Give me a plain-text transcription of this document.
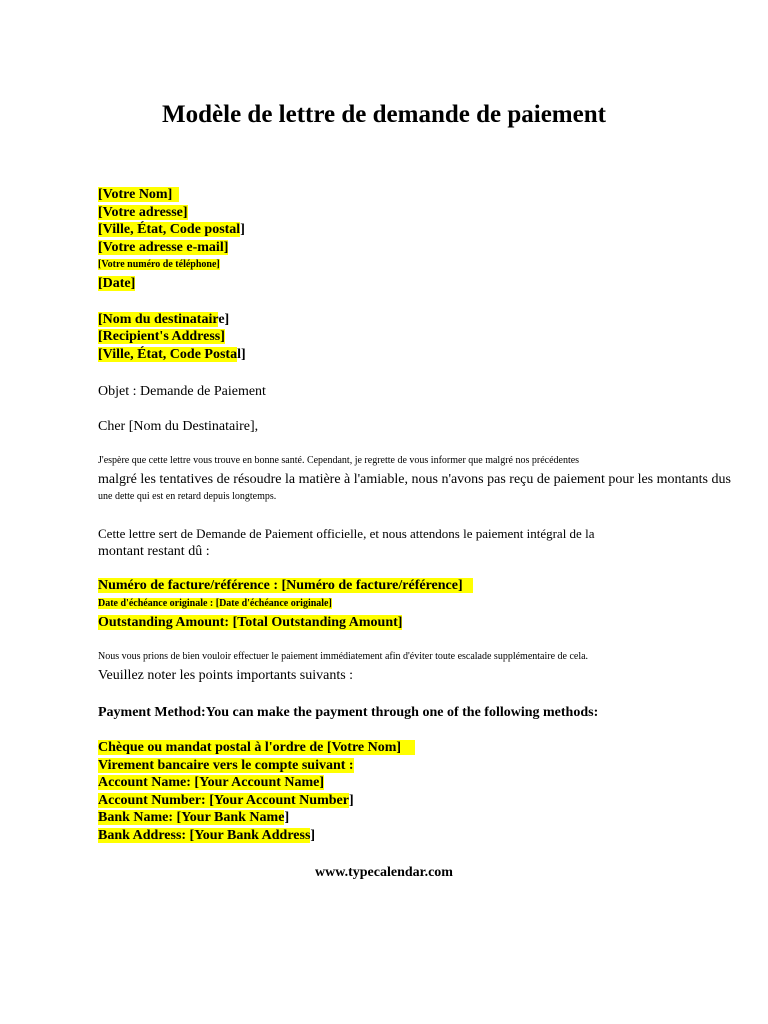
Modèle de lettre de demande de paiement
[Votre Nom]
[Votre adresse]
[Ville, État, Code postal]
[Votre adresse e-mail]
[Votre numéro de téléphone]
[Date]
[Nom du destinataire]
[Recipient's Address]
[Ville, État, Code Postal]
Objet : Demande de Paiement
Cher [Nom du Destinataire],
J'espère que cette lettre vous trouve en bonne santé. Cependant, je regrette de vous informer que malgré nos précédentes
malgré les tentatives de résoudre la matière à l'amiable, nous n'avons pas reçu de paiement pour les montants dus
une dette qui est en retard depuis longtemps.
Cette lettre sert de Demande de Paiement officielle, et nous attendons le paiement intégral de la
montant restant dû :
Numéro de facture/référence : [Numéro de facture/référence]
Date d'échéance originale : [Date d'échéance originale]
Outstanding Amount: [Total Outstanding Amount]
Nous vous prions de bien vouloir effectuer le paiement immédiatement afin d'éviter toute escalade supplémentaire de cela.
Veuillez noter les points importants suivants :
Payment Method:You can make the payment through one of the following methods:
Chèque ou mandat postal à l'ordre de [Votre Nom]
Virement bancaire vers le compte suivant :
Account Name: [Your Account Name]
Account Number: [Your Account Number]
Bank Name: [Your Bank Name]
Bank Address: [Your Bank Address]
www.typecalendar.com
